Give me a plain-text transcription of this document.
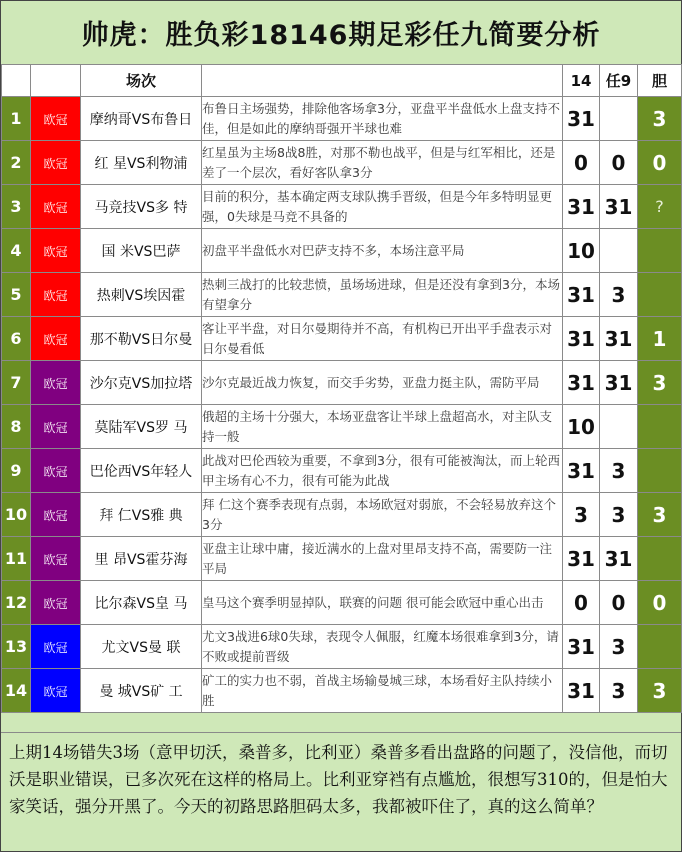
帅虎：胜负彩18146期足彩任九简要分析
		场次		14	任9	胆
1	欧冠	摩纳哥VS布鲁日	布鲁日主场强势，排除他客场拿3分，亚盘平半盘低水上盘支持不佳，但是如此的摩纳哥强开半球也难	31		3
2	欧冠	红 星VS利物浦	红星虽为主场8战8胜，对那不勒也战平，但是与红军相比，还是差了一个层次，看好客队拿3分	0	0	0
3	欧冠	马竞技VS多 特	目前的积分，基本确定两支球队携手晋级，但是今年多特明显更强，0失球是马竞不具备的	31	31	?
4	欧冠	国 米VS巴萨	初盘平半盘低水对巴萨支持不多，本场注意平局	10		
5	欧冠	热刺VS埃因霍	热刺三战打的比较悲愤，虽场场进球，但是还没有拿到3分，本场有望拿分	31	3	
6	欧冠	那不勒VS日尔曼	客让平半盘，对日尔曼期待并不高，有机构已开出平手盘表示对日尔曼看低	31	31	1
7	欧冠	沙尔克VS加拉塔	沙尔克最近战力恢复，而交手劣势，亚盘力挺主队，需防平局	31	31	3
8	欧冠	莫陆军VS罗 马	俄超的主场十分强大，本场亚盘客让半球上盘超高水，对主队支持一般	10		
9	欧冠	巴伦西VS年轻人	此战对巴伦西较为重要，不拿到3分，很有可能被淘汰，而上轮西甲主场有心不力，很有可能为此战	31	3	
10	欧冠	拜 仁VS雅 典	拜 仁这个赛季表现有点弱，本场欧冠对弱旅，不会轻易放弃这个3分	3	3	3
11	欧冠	里 昂VS霍芬海	亚盘主让球中庸，接近满水的上盘对里昂支持不高，需要防一注平局	31	31	
12	欧冠	比尔森VS皇 马	皇马这个赛季明显掉队，联赛的问题 很可能会欧冠中重心出击	0	0	0
13	欧冠	尤文VS曼 联	尤文3战进6球0失球，表现令人佩服，红魔本场很难拿到3分，请不败或提前晋级	31	3	
14	欧冠	曼 城VS矿 工	矿工的实力也不弱，首战主场输曼城三球，本场看好主队持续小胜	31	3	3
上期14场错失3场（意甲切沃，桑普多，比利亚）桑普多看出盘路的问题了，没信他，而切沃是职业错误，已多次死在这样的格局上。比利亚穿裆有点尴尬，很想写310的，但是怕大家笑话，强分开黑了。今天的初路思路胆码太多，我都被吓住了，真的这么简单？
